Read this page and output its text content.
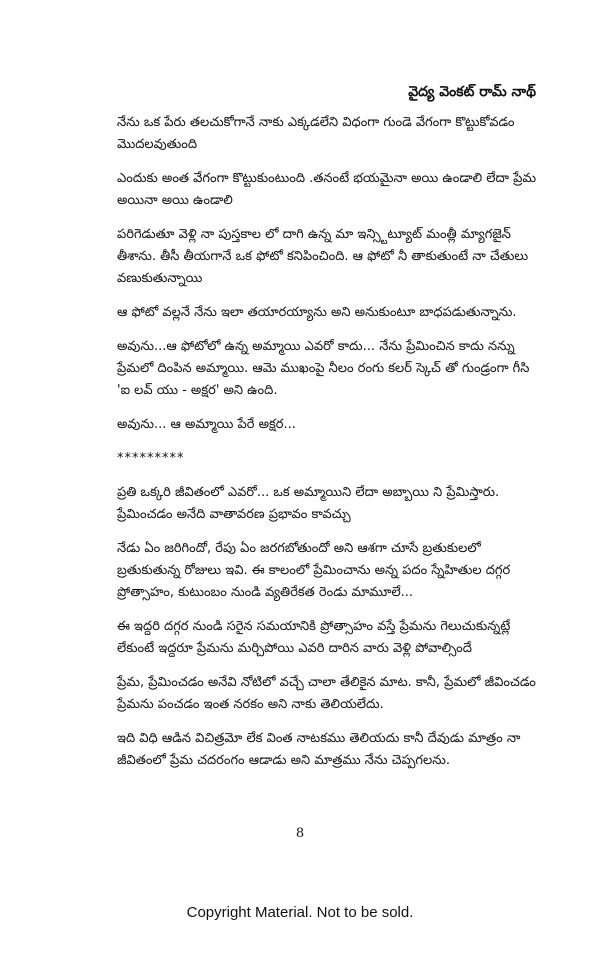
వైద్య వెంకట్ రామ్ నాథ్

నేను ఒక పేరు తలచుకోగానే నాకు ఎక్కడలేని విధంగా గుండె వేగంగా కొట్టుకోవడం మొదలవుతుంది

ఎందుకు అంత వేగంగా కొట్టుకుంటుంది .తనంటే భయమైనా అయి ఉండాలి లేదా ప్రేమ అయినా అయి ఉండాలి

పరిగెడుతూ వెళ్లి నా పుస్తకాల లో దాగి ఉన్న మా ఇన్స్టిట్యూట్ మంత్లీ మ్యాగజైన్ తీశాను. తీసీ తీయగానే ఒక ఫోటో కనిపించింది. ఆ ఫోటో నీ తాకుతుంటే నా చేతులు వణుకుతున్నాయి

ఆ ఫోటో వల్లనే నేను ఇలా తయారయ్యాను అని అనుకుంటూ బాధపడుతున్నాను.

అవును...ఆ ఫోటోలో ఉన్న అమ్మాయి ఎవరో కాదు... నేను ప్రేమించిన కాదు నన్ను ప్రేమలో దింపిన అమ్మాయి. ఆమె ముఖంపై నీలం రంగు కలర్ స్కెచ్ తో గుండ్రంగా గీసి 'ఐ లవ్ యు - అక్షర' అని ఉంది.

అవును... ఆ అమ్మాయి పేరే అక్షర...

*********

ప్రతి ఒక్కరి జీవితంలో ఎవరో... ఒక అమ్మాయిని లేదా అబ్బాయి ని ప్రేమిస్తారు. ప్రేమించడం అనేది వాతావరణ ప్రభావం కావచ్చు

నేడు ఏం జరిగిందో, రేపు ఏం జరగబోతుందో అని ఆశగా చూసే బ్రతుకులలో బ్రతుకుతున్న రోజులు ఇవి. ఈ కాలంలో ప్రేమించాను అన్న పదం స్నేహితుల దగ్గర ప్రోత్సాహం, కుటుంబం నుండి వ్యతిరేకత రెండు మామూలే...

ఈ ఇద్దరి దగ్గర నుండి సరైన సమయానికి ప్రోత్సాహం వస్తే ప్రేమను గెలుచుకున్నట్లే లేకుంటే ఇద్దరూ ప్రేమను మర్చిపోయి ఎవరి దారిన వారు వెళ్లి పోవాల్సిందే

ప్రేమ, ప్రేమించడం అనేవి నోటిలో వచ్చే చాలా తేలికైన మాట. కానీ, ప్రేమలో జీవించడం ప్రేమను పంచడం ఇంత నరకం అని నాకు తెలియలేదు.

ఇది విధి ఆడిన విచిత్రమో లేక వింత నాటకము తెలియదు కానీ దేవుడు మాత్రం నా జీవితంలో ప్రేమ చదరంగం ఆడాడు అని మాత్రము నేను చెప్పగలను.

8
Copyright Material. Not to be sold.
